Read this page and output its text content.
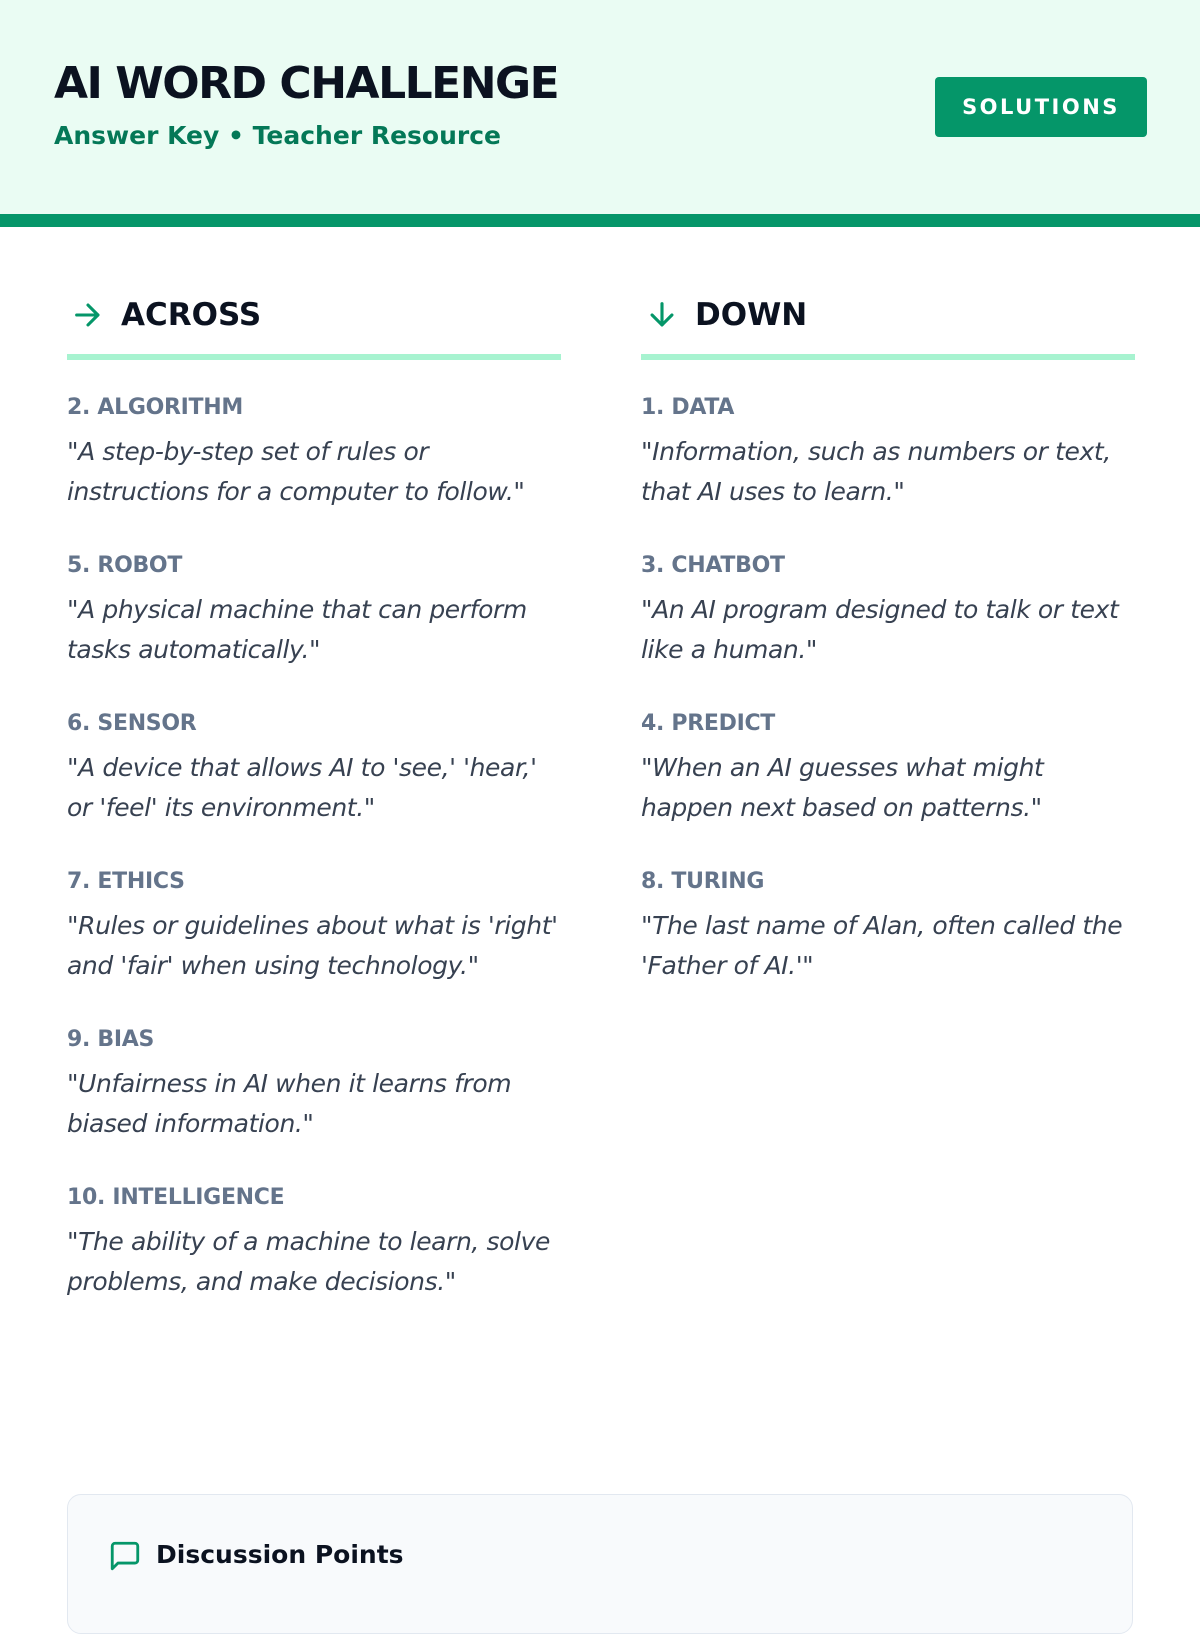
AI WORD CHALLENGE
Answer Key • Teacher Resource
SOLUTIONS
ACROSS
2. ALGORITHM
"A step-by-step set of rules or instructions for a computer to follow."
5. ROBOT
"A physical machine that can perform tasks automatically."
6. SENSOR
"A device that allows AI to 'see,' 'hear,' or 'feel' its environment."
7. ETHICS
"Rules or guidelines about what is 'right' and 'fair' when using technology."
9. BIAS
"Unfairness in AI when it learns from biased information."
10. INTELLIGENCE
"The ability of a machine to learn, solve problems, and make decisions."
DOWN
1. DATA
"Information, such as numbers or text, that AI uses to learn."
3. CHATBOT
"An AI program designed to talk or text like a human."
4. PREDICT
"When an AI guesses what might happen next based on patterns."
8. TURING
"The last name of Alan, often called the 'Father of AI.'"
Discussion Points
